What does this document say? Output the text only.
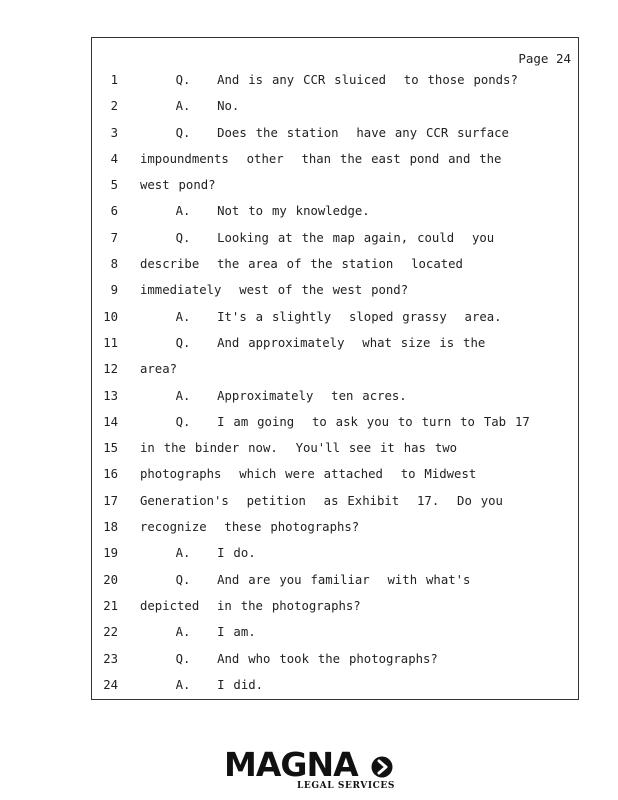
Page 24
1 Q.   And is any CCR sluiced  to those ponds?
2 A.   No.
3 Q.   Does the station  have any CCR surface
4 impoundments  other  than the east pond and the
5 west pond?
6 A.   Not to my knowledge.
7 Q.   Looking at the map again, could  you
8 describe  the area of the station  located
9 immediately  west of the west pond?
10 A.   It's a slightly  sloped grassy  area.
11 Q.   And approximately  what size is the
12 area?
13 A.   Approximately  ten acres.
14 Q.   I am going  to ask you to turn to Tab 17
15 in the binder now.  You'll see it has two
16 photographs  which were attached  to Midwest
17 Generation's  petition  as Exhibit  17.  Do you
18 recognize  these photographs?
19 A.   I do.
20 Q.   And are you familiar  with what's
21 depicted  in the photographs?
22 A.   I am.
23 Q.   And who took the photographs?
24 A.   I did.
MAGNA
LEGAL SERVICES
